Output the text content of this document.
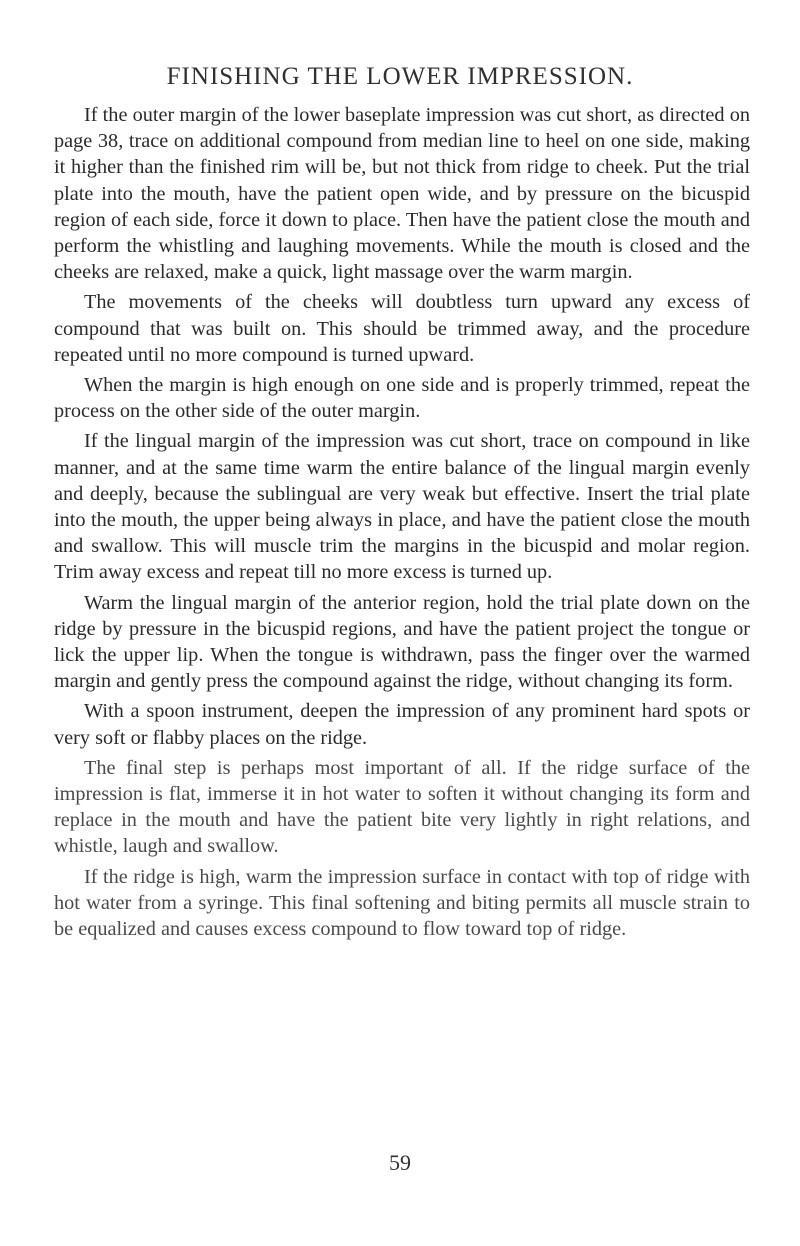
FINISHING THE LOWER IMPRESSION.

If the outer margin of the lower baseplate impression was cut short, as directed on page 38, trace on additional compound from median line to heel on one side, making it higher than the finished rim will be, but not thick from ridge to cheek. Put the trial plate into the mouth, have the patient open wide, and by pressure on the bicuspid region of each side, force it down to place. Then have the patient close the mouth and perform the whistling and laughing movements. While the mouth is closed and the cheeks are relaxed, make a quick, light massage over the warm margin.

The movements of the cheeks will doubtless turn upward any excess of compound that was built on. This should be trimmed away, and the procedure repeated until no more compound is turned upward.

When the margin is high enough on one side and is properly trimmed, repeat the process on the other side of the outer margin.

If the lingual margin of the impression was cut short, trace on compound in like manner, and at the same time warm the entire balance of the lingual margin evenly and deeply, because the sublingual are very weak but effective. Insert the trial plate into the mouth, the upper being always in place, and have the patient close the mouth and swallow. This will muscle trim the margins in the bicuspid and molar region. Trim away excess and repeat till no more excess is turned up.

Warm the lingual margin of the anterior region, hold the trial plate down on the ridge by pressure in the bicuspid regions, and have the patient project the tongue or lick the upper lip. When the tongue is withdrawn, pass the finger over the warmed margin and gently press the compound against the ridge, without changing its form.

With a spoon instrument, deepen the impression of any prominent hard spots or very soft or flabby places on the ridge.

The final step is perhaps most important of all. If the ridge surface of the impression is flat, immerse it in hot water to soften it without changing its form and replace in the mouth and have the patient bite very lightly in right relations, and whistle, laugh and swallow.

If the ridge is high, warm the impression surface in contact with top of ridge with hot water from a syringe. This final softening and biting permits all muscle strain to be equalized and causes excess compound to flow toward top of ridge.

59
